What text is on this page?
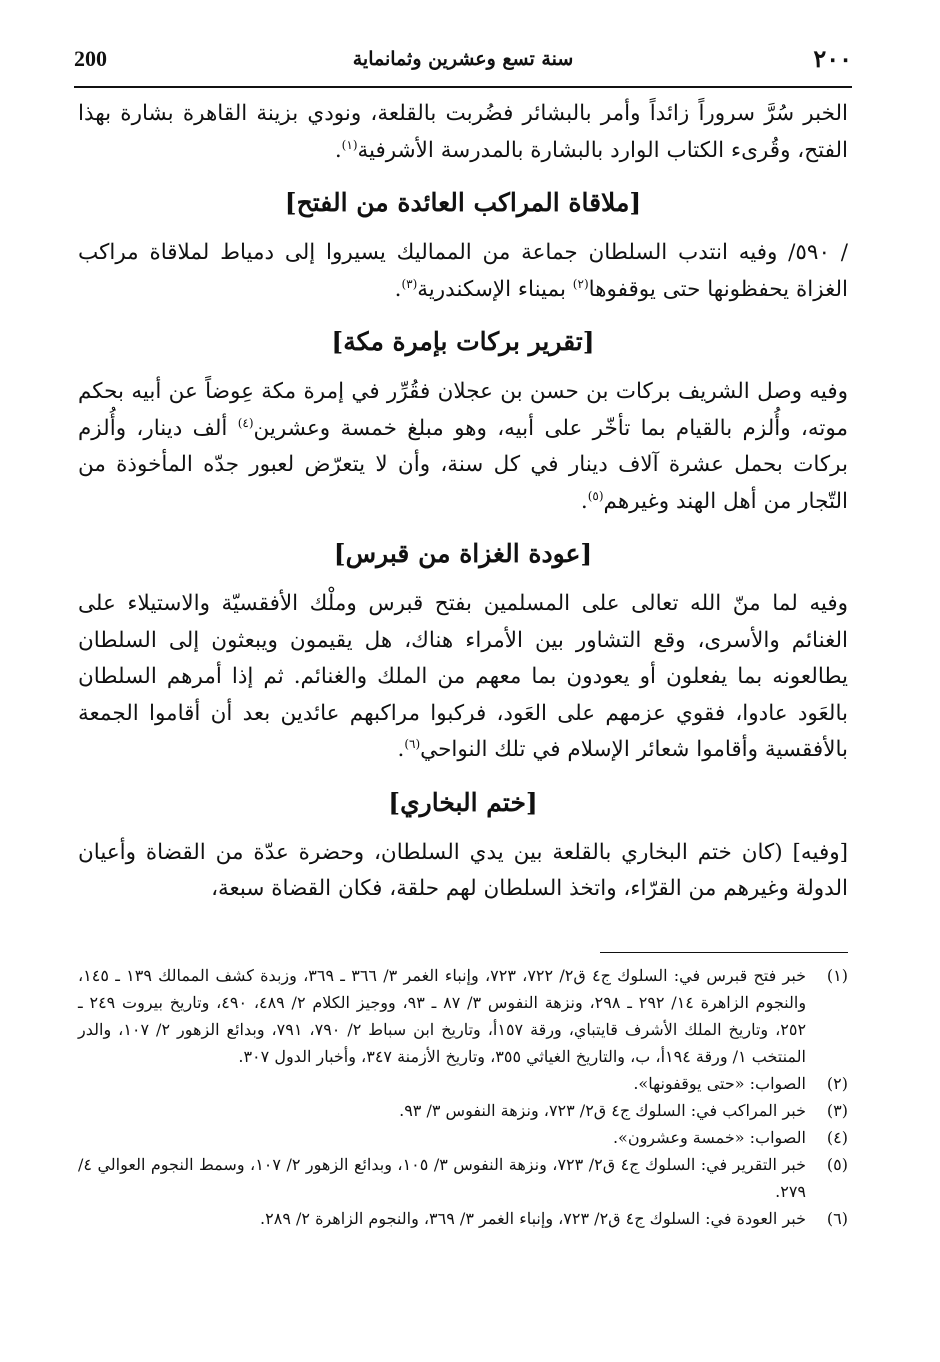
200	سنة تسع وعشرين وثمانماية	٢٠٠

الخبر سُرَّ سروراً زائداً وأمر بالبشائر فضُربت بالقلعة، ونودي بزينة القاهرة بشارة بهذا الفتح، وقُرىء الكتاب الوارد بالبشارة بالمدرسة الأشرفية$^{(١)}$.

[ملاقاة المراكب العائدة من الفتح]

/ ٥٩٠/ وفيه انتدب السلطان جماعة من المماليك يسيروا إلى دمياط لملاقاة مراكب الغزاة يحفظونها حتى يوقفوها$^{(٢)}$ بميناء الإسكندرية$^{(٣)}$.

[تقرير بركات بإمرة مكة]

وفيه وصل الشريف بركات بن حسن بن عجلان فقُرِّر في إمرة مكة عِوضاً عن أبيه بحكم موته، وأُلزم بالقيام بما تأخّر على أبيه، وهو مبلغ خمسة وعشرين$^{(٤)}$ ألف دينار، وأُلزم بركات بحمل عشرة آلاف دينار في كل سنة، وأن لا يتعرّض لعبور جدّه المأخوذة من التّجار من أهل الهند وغيرهم$^{(٥)}$.

[عودة الغزاة من قبرس]

وفيه لما منّ الله تعالى على المسلمين بفتح قبرس وملْك الأفقسيّة والاستيلاء على الغنائم والأسرى، وقع التشاور بين الأمراء هناك، هل يقيمون ويبعثون إلى السلطان يطالعونه بما يفعلون أو يعودون بما معهم من الملك والغنائم. ثم إذا أمرهم السلطان بالعَود عادوا، فقوي عزمهم على العَود، فركبوا مراكبهم عائدين بعد أن أقاموا الجمعة بالأفقسية وأقاموا شعائر الإسلام في تلك النواحي$^{(٦)}$.

[ختم البخاري]

[وفيه] (كان ختم البخاري بالقلعة بين يدي السلطان، وحضرة عدّة من القضاة وأعيان الدولة وغيرهم من القرّاء، واتخذ السلطان لهم حلقة، فكان القضاة سبعة،

(١)
خبر فتح قبرس في: السلوك ج٤ ق٢/ ٧٢٢، ٧٢٣، وإنباء الغمر ٣/ ٣٦٦ ـ ٣٦٩، وزبدة كشف الممالك ١٣٩ ـ ١٤٥، والنجوم الزاهرة ١٤/ ٢٩٢ ـ ٢٩٨، ونزهة النفوس ٣/ ٨٧ ـ ٩٣، ووجيز الكلام ٢/ ٤٨٩، ٤٩٠، وتاريخ بيروت ٢٤٩ ـ ٢٥٢، وتاريخ الملك الأشرف قايتباي، ورقة ١٥٧أ، وتاريخ ابن سباط ٢/ ٧٩٠، ٧٩١، وبدائع الزهور ٢/ ١٠٧، والدر المنتخب ١/ ورقة ١٩٤أ، ب، والتاريخ الغياثي ٣٥٥، وتاريخ الأزمنة ٣٤٧، وأخبار الدول ٣٠٧.
(٢)
الصواب: «حتى يوقفونها».
(٣)
خبر المراكب في: السلوك ج٤ ق٢/ ٧٢٣، ونزهة النفوس ٣/ ٩٣.
(٤)
الصواب: «خمسة وعشرون».
(٥)
خبر التقرير في: السلوك ج٤ ق٢/ ٧٢٣، ونزهة النفوس ٣/ ١٠٥، وبدائع الزهور ٢/ ١٠٧، وسمط النجوم العوالي ٤/ ٢٧٩.
(٦)
خبر العودة في: السلوك ج٤ ق٢/ ٧٢٣، وإنباء الغمر ٣/ ٣٦٩، والنجوم الزاهرة ٢/ ٢٨٩.
